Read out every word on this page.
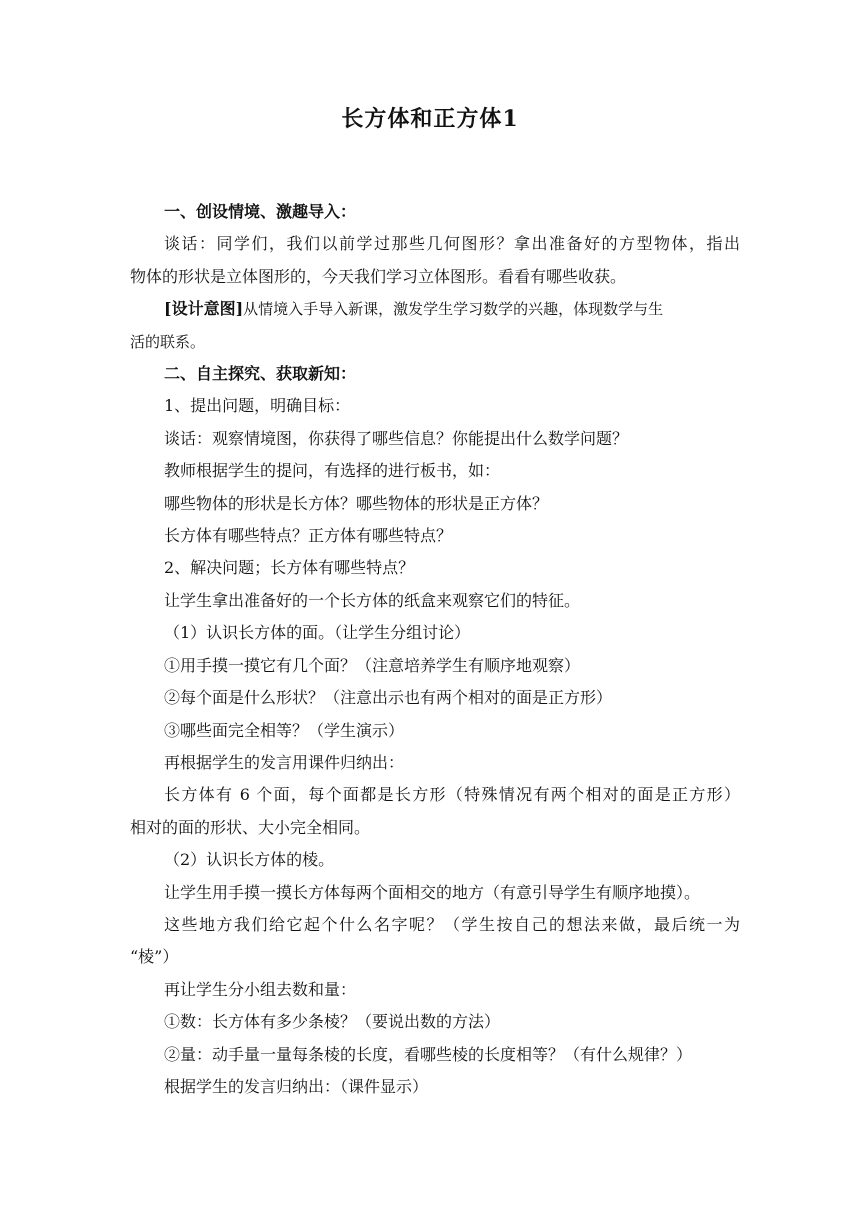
长方体和正方体1
一、创设情境、激趣导入：
谈话：同学们，我们以前学过那些几何图形？拿出准备好的方型物体，指出
物体的形状是立体图形的，今天我们学习立体图形。看看有哪些收获。
[设计意图]从情境入手导入新课，激发学生学习数学的兴趣，体现数学与生
活的联系。
二、自主探究、获取新知：
1、提出问题，明确目标：
谈话：观察情境图，你获得了哪些信息？你能提出什么数学问题？
教师根据学生的提问，有选择的进行板书，如：
哪些物体的形状是长方体？哪些物体的形状是正方体？
长方体有哪些特点？正方体有哪些特点？
2、解决问题；长方体有哪些特点？
让学生拿出准备好的一个长方体的纸盒来观察它们的特征。
（1）认识长方体的面。（让学生分组讨论）
①用手摸一摸它有几个面？（注意培养学生有顺序地观察）
②每个面是什么形状？（注意出示也有两个相对的面是正方形）
③哪些面完全相等？（学生演示）
再根据学生的发言用课件归纳出：
长方体有 6 个面，每个面都是长方形（特殊情况有两个相对的面是正方形）
相对的面的形状、大小完全相同。
（2）认识长方体的棱。
让学生用手摸一摸长方体每两个面相交的地方（有意引导学生有顺序地摸）。
这些地方我们给它起个什么名字呢？（学生按自己的想法来做，最后统一为
“棱”）
再让学生分小组去数和量：
①数：长方体有多少条棱？（要说出数的方法）
②量：动手量一量每条棱的长度，看哪些棱的长度相等？（有什么规律？）
根据学生的发言归纳出：（课件显示）
